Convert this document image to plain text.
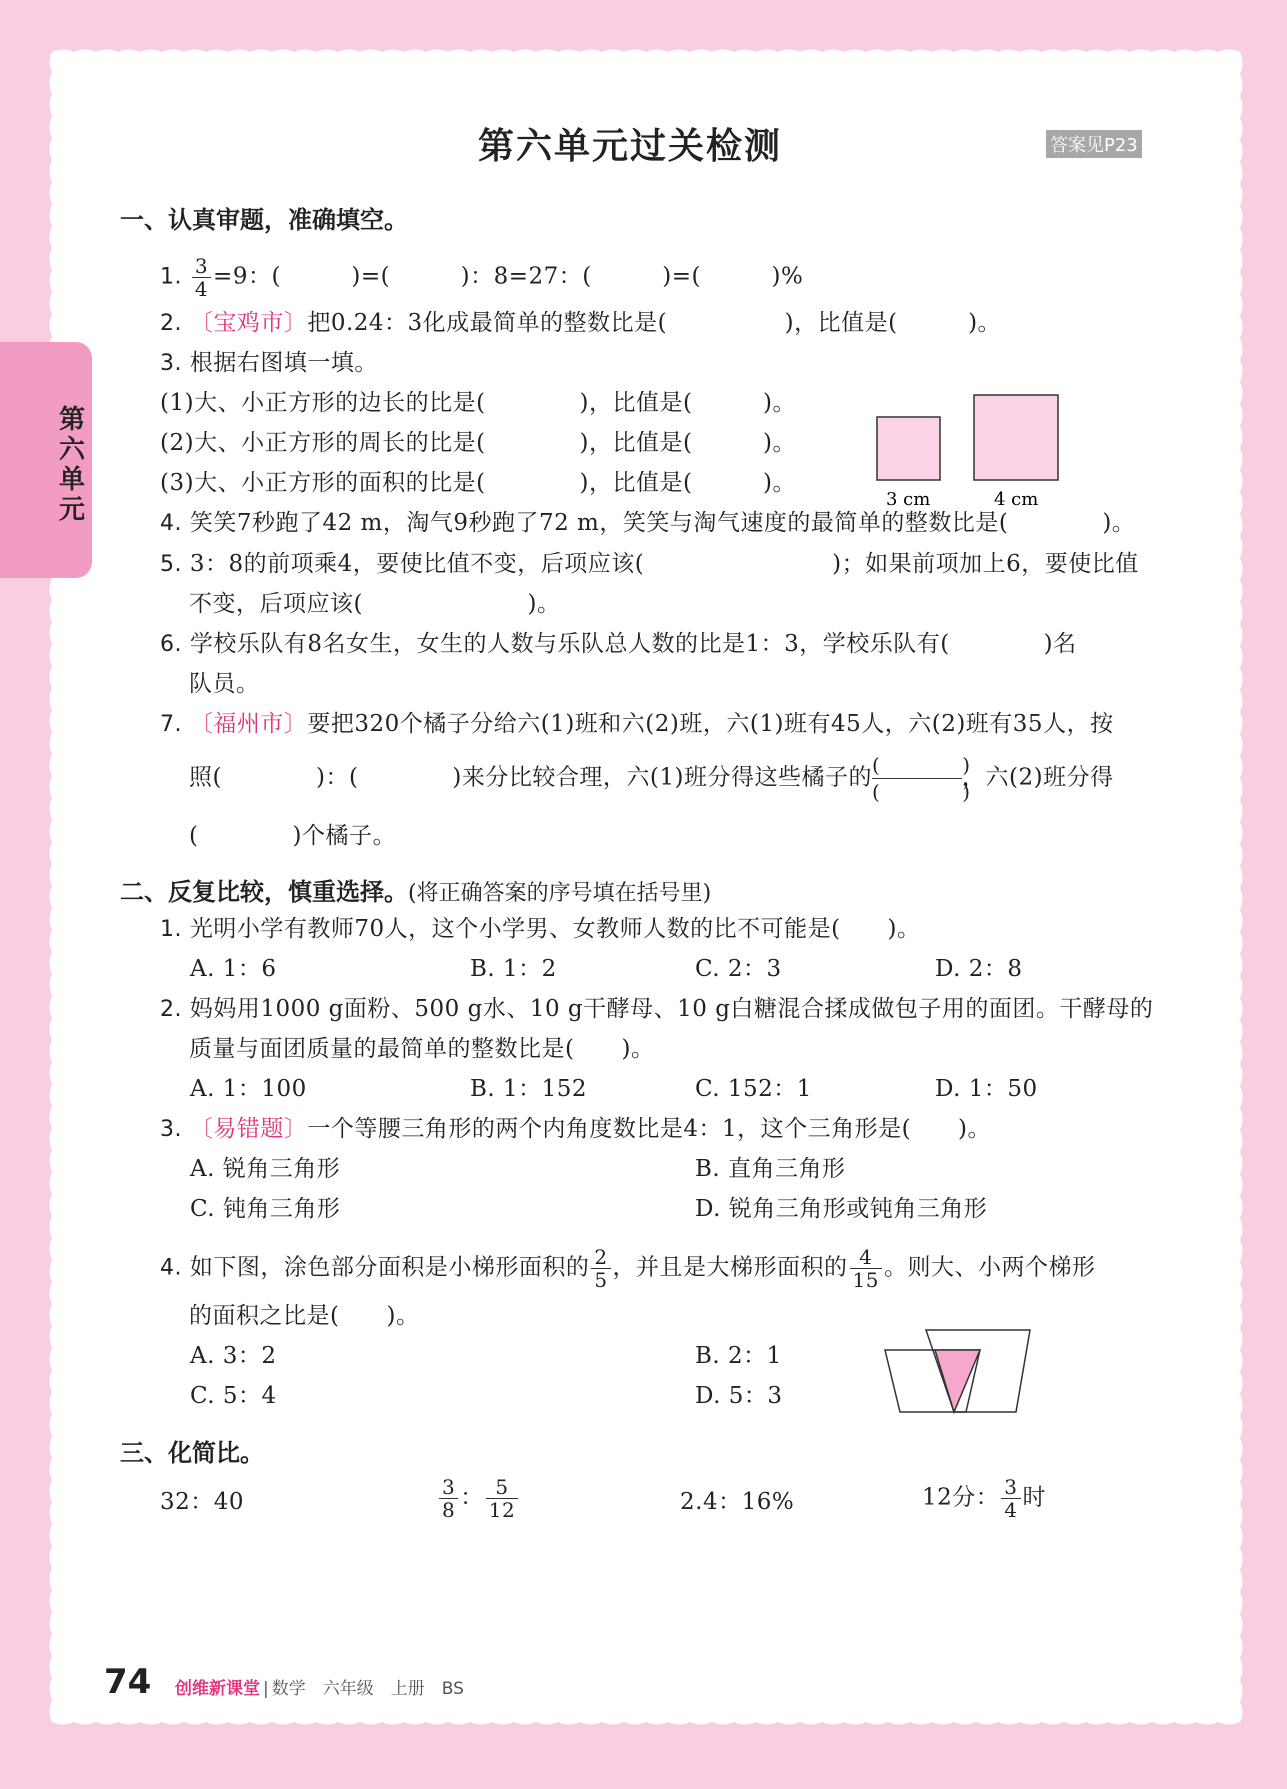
第六单元
第六单元过关检测	答案见P23
一、认真审题，准确填空。
1. $\frac{3}{4} =9$：(　　　)=(　　　)：8=27：(　　　)=(　　　)%
2. 〔宝鸡市〕把0.24：3化成最简单的整数比是(　　　　　)，比值是(　　　)。
3. 根据右图填一填。
(1)大、小正方形的边长的比是(　　　　)，比值是(　　　)。
(2)大、小正方形的周长的比是(　　　　)，比值是(　　　)。
(3)大、小正方形的面积的比是(　　　　)，比值是(　　　)。
3 cm	4 cm
4. 笑笑7秒跑了42 m，淘气9秒跑了72 m，笑笑与淘气速度的最简单的整数比是(　　　　)。
5. 3：8的前项乘4，要使比值不变，后项应该(　　　　　　　　)；如果前项加上6，要使比值
不变，后项应该(　　　　　　　)。
6. 学校乐队有8名女生，女生的人数与乐队总人数的比是1：3，学校乐队有(　　　　)名
队员。
7. 〔福州市〕要把320个橘子分给六(1)班和六(2)班，六(1)班有45人，六(2)班有35人，按
照(　　　　)：(　　　　)来分比较合理，六(1)班分得这些橘子的 (　　　　)
(　　　　)
，六(2)班分得
(　　　　)个橘子。
二、反复比较，慎重选择。(将正确答案的序号填在括号里)
1. 光明小学有教师70人，这个小学男、女教师人数的比不可能是(　　)。
A. 1：6	B. 1：2	C. 2：3	D. 2：8
2. 妈妈用1000 g面粉、500 g水、10 g干酵母、10 g白糖混合揉成做包子用的面团。干酵母的
质量与面团质量的最简单的整数比是(　　)。
A. 1：100	B. 1：152	C. 152：1	D. 1：50
3. 〔易错题〕一个等腰三角形的两个内角度数比是4：1，这个三角形是(　　)。
A. 锐角三角形	B. 直角三角形
C. 钝角三角形	D. 锐角三角形或钝角三角形
4. 如下图，涂色部分面积是小梯形面积的 $\frac{2}{5}$ ，并且是大梯形面积的 $\frac{4}{15}$ 。则大、小两个梯形
的面积之比是(　　)。
A. 3：2	B. 2：1
C. 5：4	D. 5：3
三、化简比。
32：40	$\frac{3}{8}$ ： $\frac{5}{12}$	2.4：16%	12分： $\frac{3}{4}$ 时
74 创维新课堂 | 数学　六年级　上册　BS
